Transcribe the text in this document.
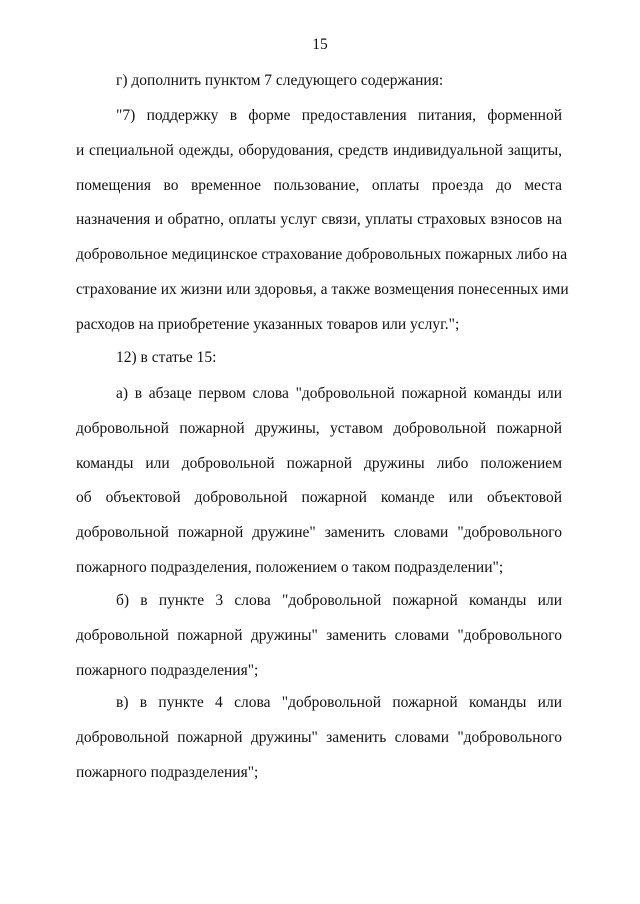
15
г) дополнить пунктом 7 следующего содержания:
"7) поддержку в форме предоставления питания, форменной
и специальной одежды, оборудования, средств индивидуальной защиты,
помещения во временное пользование, оплаты проезда до места
назначения и обратно, оплаты услуг связи, уплаты страховых взносов на
добровольное медицинское страхование добровольных пожарных либо на
страхование их жизни или здоровья, а также возмещения понесенных ими
расходов на приобретение указанных товаров или услуг.";
12) в статье 15:
а) в абзаце первом слова "добровольной пожарной команды или
добровольной пожарной дружины, уставом добровольной пожарной
команды или добровольной пожарной дружины либо положением
об объектовой добровольной пожарной команде или объектовой
добровольной пожарной дружине" заменить словами "добровольного
пожарного подразделения, положением о таком подразделении";
б) в пункте 3 слова "добровольной пожарной команды или
добровольной пожарной дружины" заменить словами "добровольного
пожарного подразделения";
в) в пункте 4 слова "добровольной пожарной команды или
добровольной пожарной дружины" заменить словами "добровольного
пожарного подразделения";
